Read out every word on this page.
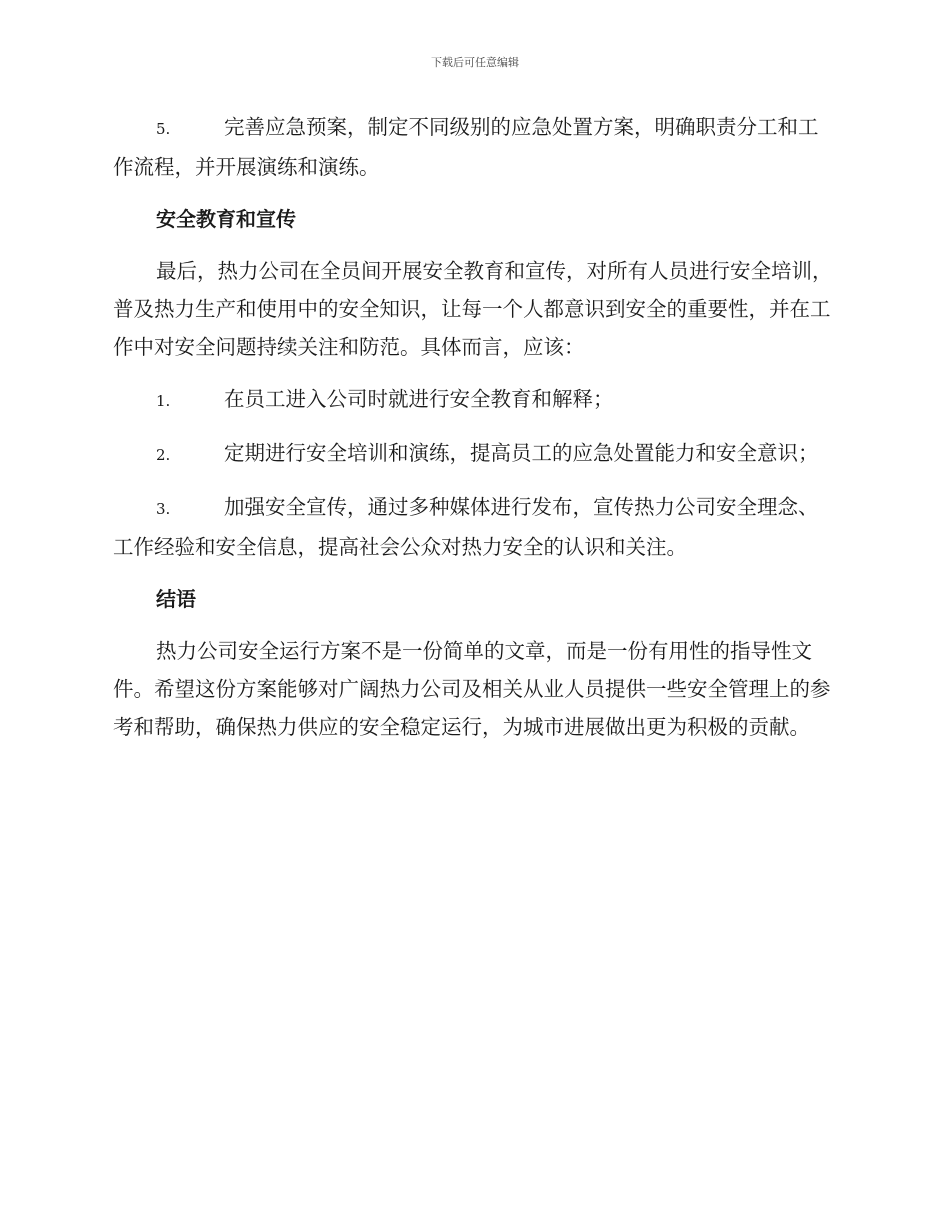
下载后可任意编辑

5.	完善应急预案，制定不同级别的应急处置方案，明确职责分工和工作流程，并开展演练和演练。

安全教育和宣传

最后，热力公司在全员间开展安全教育和宣传，对所有人员进行安全培训，普及热力生产和使用中的安全知识，让每一个人都意识到安全的重要性，并在工作中对安全问题持续关注和防范。具体而言，应该：

1.	在员工进入公司时就进行安全教育和解释；

2.	定期进行安全培训和演练，提高员工的应急处置能力和安全意识；

3.	加强安全宣传，通过多种媒体进行发布，宣传热力公司安全理念、工作经验和安全信息，提高社会公众对热力安全的认识和关注。

结语

热力公司安全运行方案不是一份简单的文章，而是一份有用性的指导性文件。希望这份方案能够对广阔热力公司及相关从业人员提供一些安全管理上的参考和帮助，确保热力供应的安全稳定运行，为城市进展做出更为积极的贡献。
